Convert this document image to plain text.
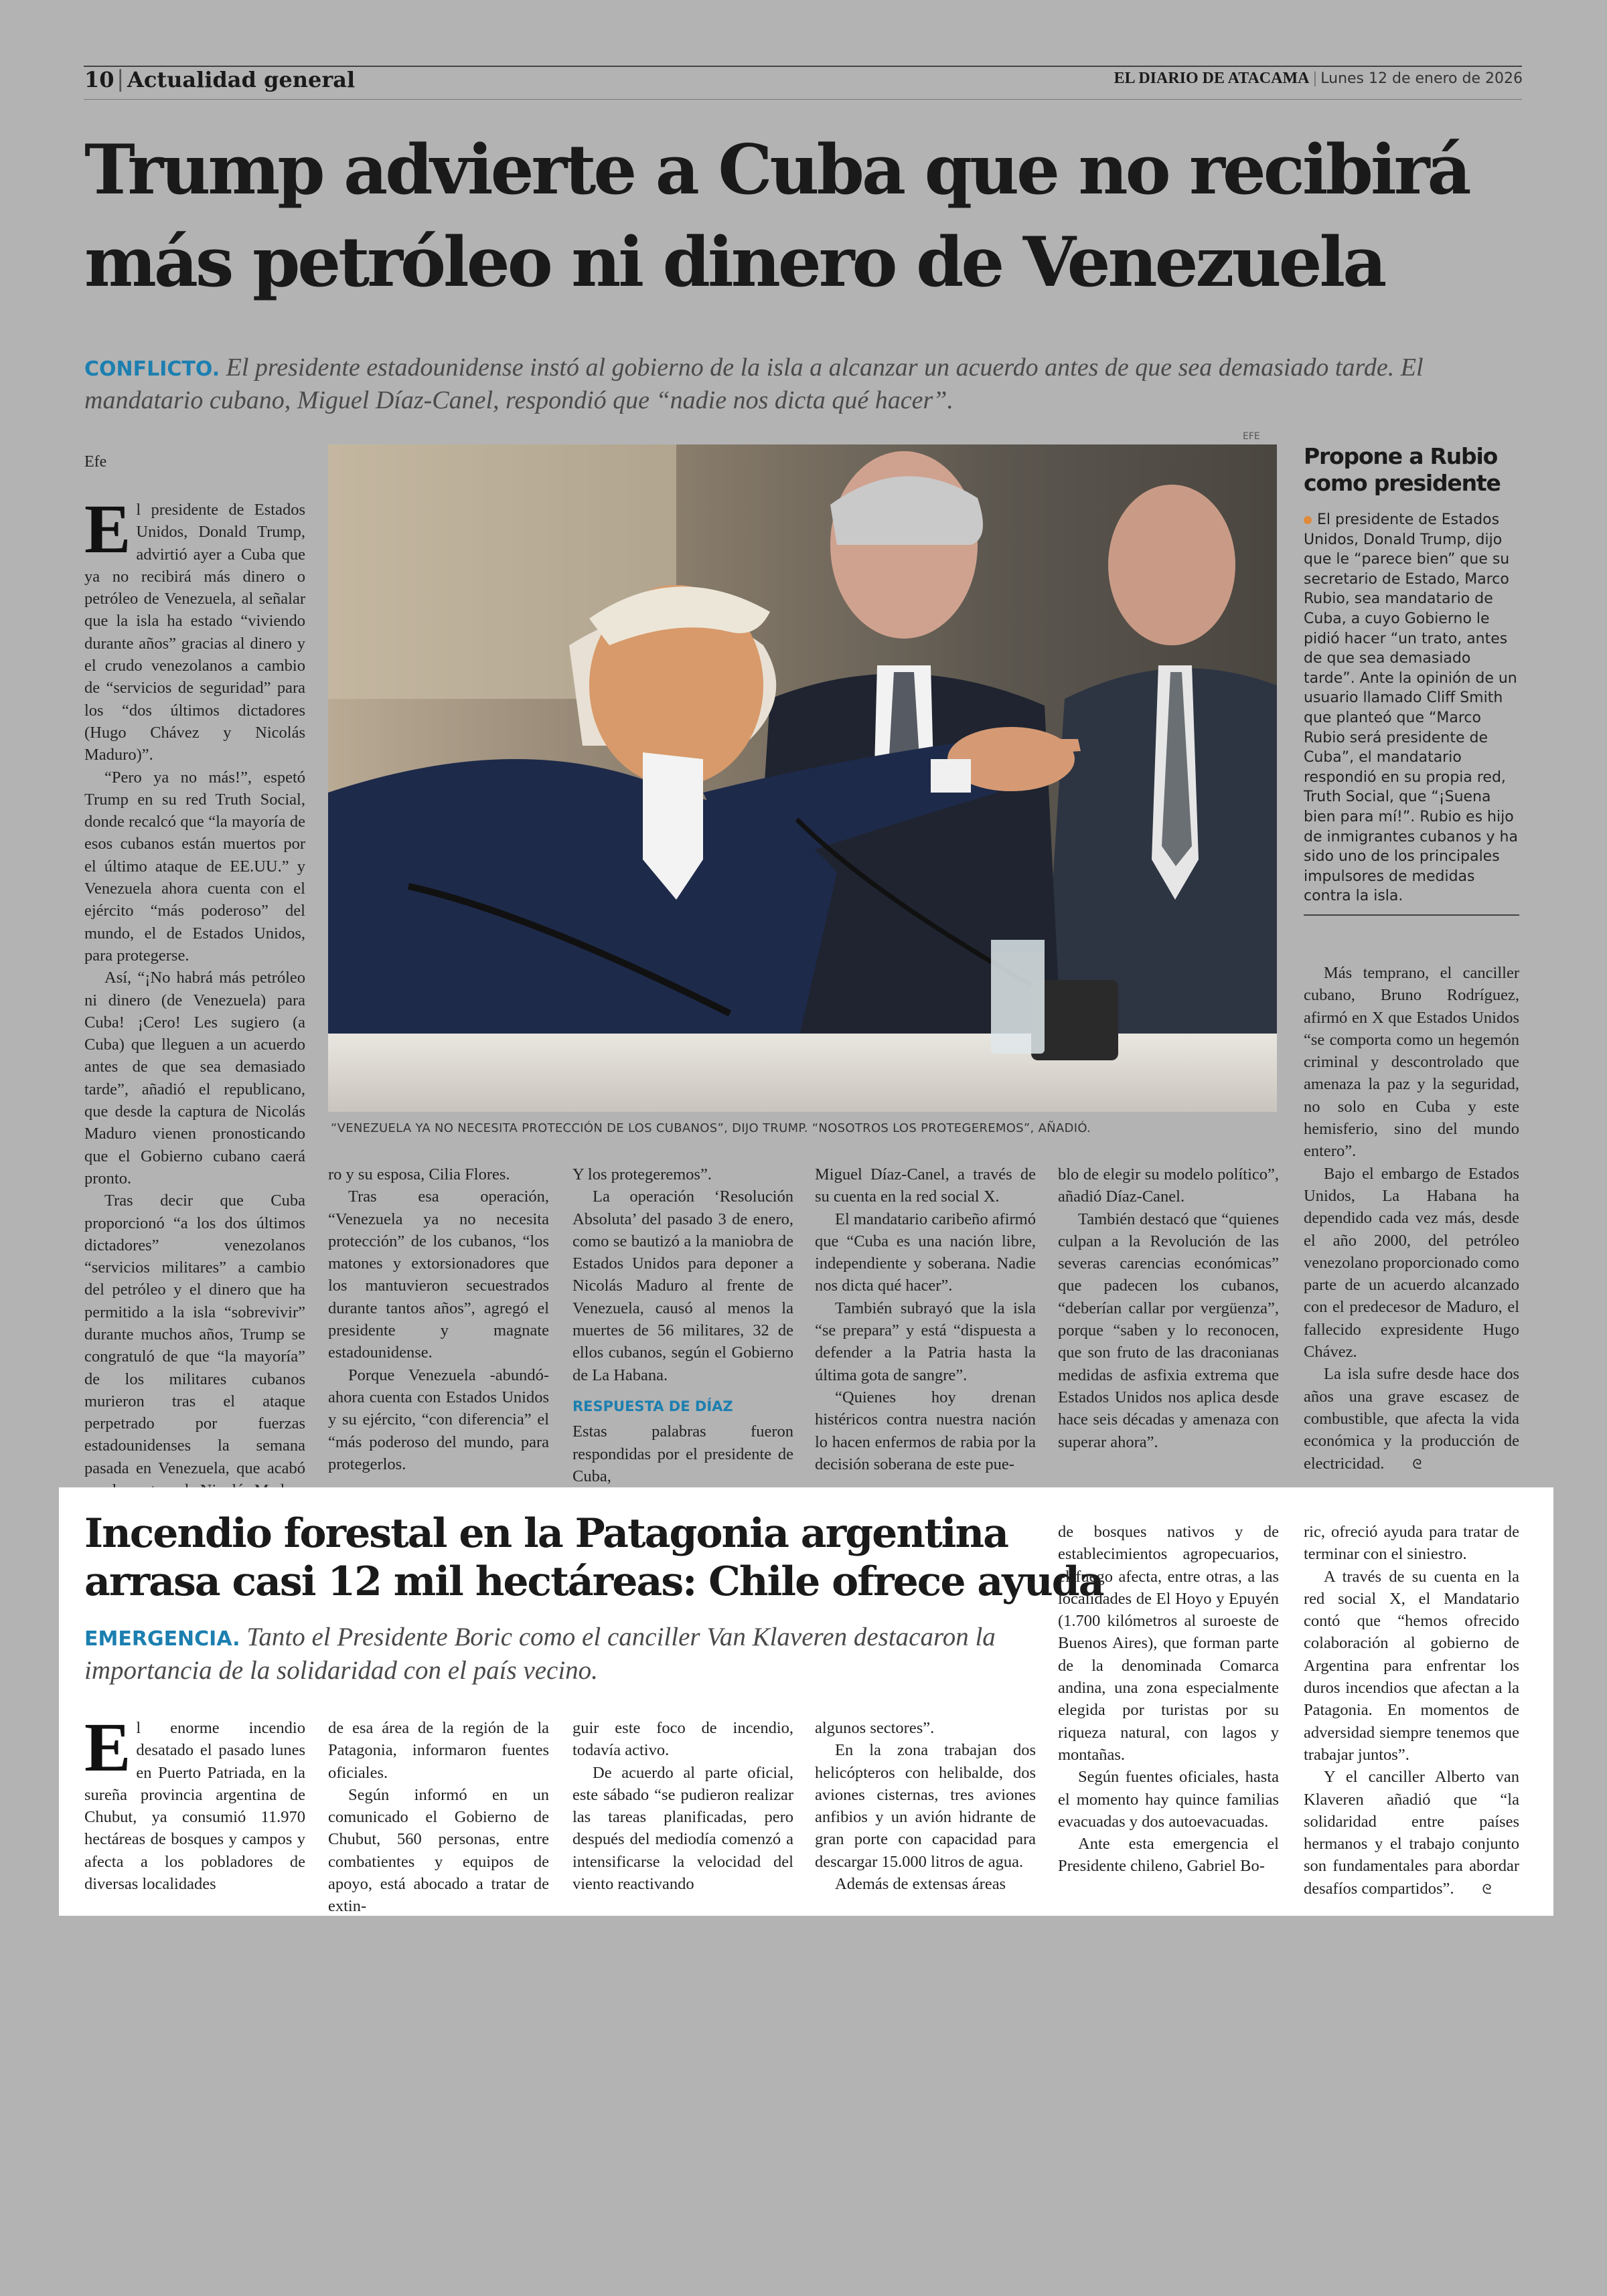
10 | Actualidad general	EL DIARIO DE ATACAMA | Lunes 12 de enero de 2026
Trump advierte a Cuba que no recibirá
más petróleo ni dinero de Venezuela
CONFLICTO. El presidente estadounidense instó al gobierno de la isla a alcanzar un acuerdo antes de que sea demasiado tarde. El mandatario cubano, Miguel Díaz-Canel, respondió que “nadie nos dicta qué hacer”.
Efe
EFE
“VENEZUELA YA NO NECESITA PROTECCIÓN DE LOS CUBANOS”, DIJO TRUMP. “NOSOTROS LOS PROTEGEREMOS”, AÑADIÓ.
E l presidente de Estados Unidos, Donald Trump, advirtió ayer a Cuba que ya no recibirá más dinero o petróleo de Venezuela, al señalar que la isla ha estado “viviendo durante años” gracias al dinero y el crudo venezolanos a cambio de “servicios de seguridad” para los “dos últimos dictadores (Hugo Chávez y Nicolás Maduro)”.

“Pero ya no más!”, espetó Trump en su red Truth Social, donde recalcó que “la mayoría de esos cubanos están muertos por el último ataque de EE.UU.” y Venezuela ahora cuenta con el ejército “más poderoso” del mundo, el de Estados Unidos, para protegerse.

Así, “¡No habrá más petróleo ni dinero (de Venezuela) para Cuba! ¡Cero! Les sugiero (a Cuba) que lleguen a un acuerdo antes de que sea demasiado tarde”, añadió el republicano, que desde la captura de Nicolás Maduro vienen pronosticando que el Gobierno cubano caerá pronto.

Tras decir que Cuba proporcionó “a los dos últimos dictadores” venezolanos “servicios militares” a cambio del petróleo y el dinero que ha permitido a la isla “sobrevivir” durante muchos años, Trump se congratuló de que “la mayoría” de los militares cubanos murieron tras el ataque perpetrado por fuerzas estadounidenses la semana pasada en Venezuela, que acabó

ro y su esposa, Cilia Flores.

Tras esa operación, “Venezuela ya no necesita protección” de los cubanos, “los matones y extorsionadores que los mantuvieron secuestrados durante tantos años”, agregó el presidente y magnate estadounidense.

Porque Venezuela -abundó- ahora cuenta con Estados Unidos y su ejército, “con diferencia” el “más poderoso del mundo, para protegerlos.

Y los protegeremos”.

La operación ‘Resolución Absoluta’ del pasado 3 de enero, como se bautizó a la maniobra de Estados Unidos para deponer a Nicolás Maduro al frente de Venezuela, causó al menos la muertes de 56 militares, 32 de ellos cubanos, según el Gobierno de La Habana.

RESPUESTA DE DÍAZ

Estas palabras fueron respondidas por el presidente de Cuba,

Miguel Díaz-Canel, a través de su cuenta en la red social X.

El mandatario caribeño afirmó que “Cuba es una nación libre, independiente y soberana. Nadie nos dicta qué hacer”.

También subrayó que la isla “se prepara” y está “dispuesta a defender a la Patria hasta la última gota de sangre”.

“Quienes hoy drenan histéricos contra nuestra nación lo hacen enfermos de rabia por la decisión soberana de este pue-

blo de elegir su modelo político”, añadió Díaz-Canel.

También destacó que “quienes culpan a la Revolución de las severas carencias económicas” que padecen los cubanos, “deberían callar por vergüenza”, porque “saben y lo reconocen, que son fruto de las draconianas medidas de asfixia extrema que Estados Unidos nos aplica desde hace seis décadas y amenaza con superar ahora”.

Propone a Rubio
como presidente
El presidente de Estados Unidos, Donald Trump, dijo que le “parece bien” que su secretario de Estado, Marco Rubio, sea mandatario de Cuba, a cuyo Gobierno le pidió hacer “un trato, antes de que sea demasiado tarde”. Ante la opinión de un usuario llamado Cliff Smith que planteó que “Marco Rubio será presidente de Cuba”, el mandatario respondió en su propia red, Truth Social, que “¡Suena bien para mí!”. Rubio es hijo de inmigrantes cubanos y ha sido uno de los principales impulsores de medidas contra la isla.

Más temprano, el canciller cubano, Bruno Rodríguez, afirmó en X que Estados Unidos “se comporta como un hegemón criminal y descontrolado que amenaza la paz y la seguridad, no solo en Cuba y este hemisferio, sino del mundo entero”.

Bajo el embargo de Estados Unidos, La Habana ha dependido cada vez más, desde el año 2000, del petróleo venezolano proporcionado como parte de un acuerdo alcanzado con el predecesor de Maduro, el fallecido expresidente Hugo Chávez.

La isla sufre desde hace dos años una grave escasez de combustible, que afecta la vida económica y la producción de electricidad. ᘓ

Incendio forestal en la Patagonia argentina
arrasa casi 12 mil hectáreas: Chile ofrece ayuda
EMERGENCIA. Tanto el Presidente Boric como el canciller Van Klaveren destacaron la importancia de la solidaridad con el país vecino.
E l enorme incendio desatado el pasado lunes en Puerto Patriada, en la sureña provincia argentina de Chubut, ya consumió 11.970 hectáreas de bosques y campos y afecta a los pobladores de diversas localidades

de esa área de la región de la Patagonia, informaron fuentes oficiales.

Según informó en un comunicado el Gobierno de Chubut, 560 personas, entre combatientes y equipos de apoyo, está abocado a tratar de extin-

guir este foco de incendio, todavía activo.

De acuerdo al parte oficial, este sábado “se pudieron realizar las tareas planificadas, pero después del mediodía comenzó a intensificarse la velocidad del viento reactivando

algunos sectores”.

En la zona trabajan dos helicópteros con helibalde, dos aviones cisternas, tres aviones anfibios y un avión hidrante de gran porte con capacidad para descargar 15.000 litros de agua.

Además de extensas áreas

de bosques nativos y de establecimientos agropecuarios, el fuego afecta, entre otras, a las localidades de El Hoyo y Epuyén (1.700 kilómetros al suroeste de Buenos Aires), que forman parte de la denominada Comarca andina, una zona especialmente elegida por turistas por su riqueza natural, con lagos y montañas.

Según fuentes oficiales, hasta el momento hay quince familias evacuadas y dos autoevacuadas.

Ante esta emergencia el Presidente chileno, Gabriel Bo-

ric, ofreció ayuda para tratar de terminar con el siniestro.

A través de su cuenta en la red social X, el Mandatario contó que “hemos ofrecido colaboración al gobierno de Argentina para enfrentar los duros incendios que afectan a la Patagonia. En momentos de adversidad siempre tenemos que trabajar juntos”.

Y el canciller Alberto van Klaveren añadió que “la solidaridad entre países hermanos y el trabajo conjunto son fundamentales para abordar desafíos compartidos”. ᘓ
